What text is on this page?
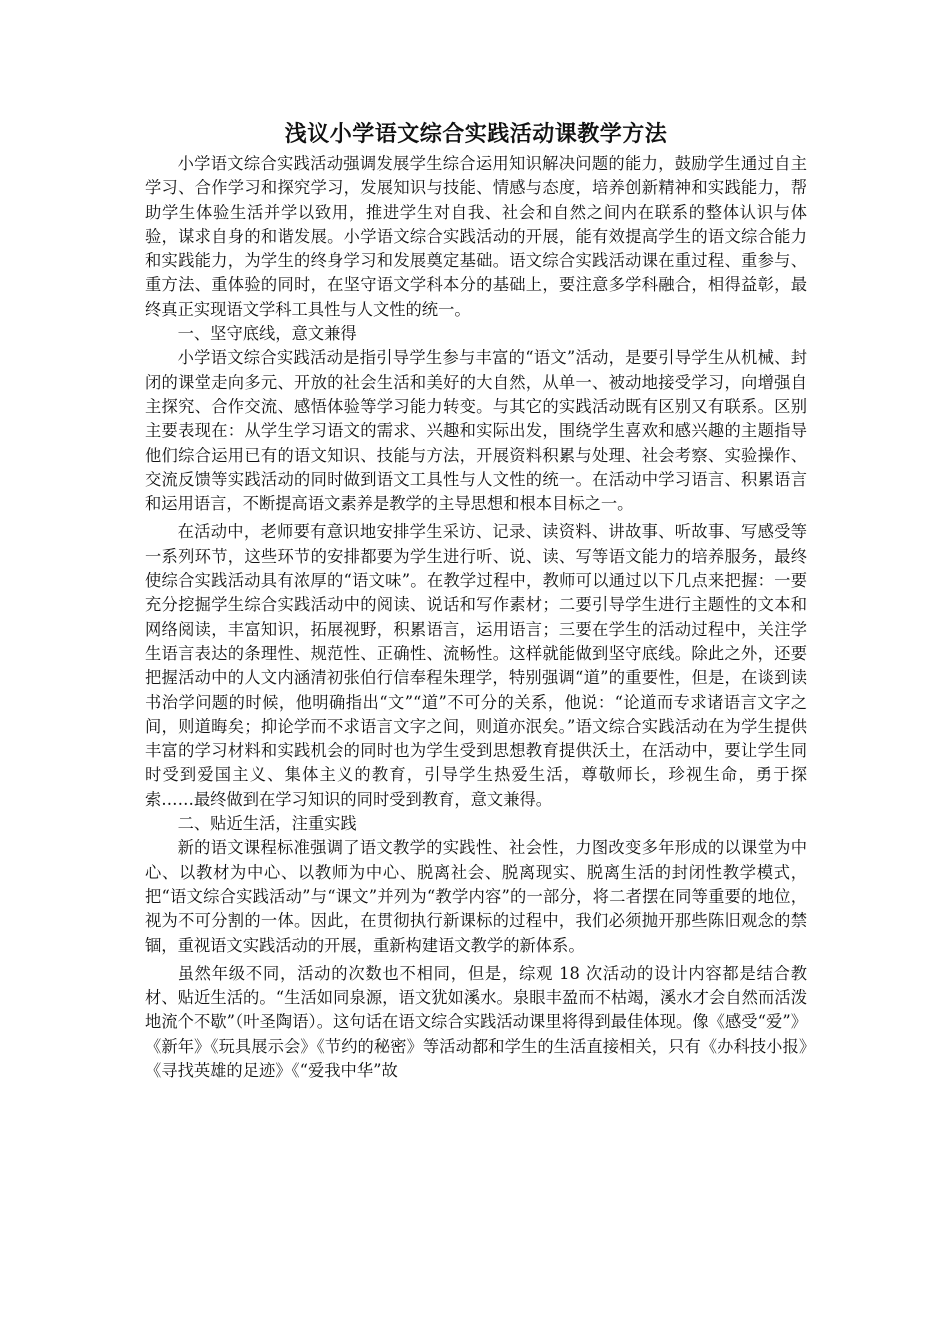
浅议小学语文综合实践活动课教学方法

小学语文综合实践活动强调发展学生综合运用知识解决问题的能力，鼓励学生通过自主学习、合作学习和探究学习，发展知识与技能、情感与态度，培养创新精神和实践能力，帮助学生体验生活并学以致用，推进学生对自我、社会和自然之间内在联系的整体认识与体验，谋求自身的和谐发展。小学语文综合实践活动的开展，能有效提高学生的语文综合能力和实践能力，为学生的终身学习和发展奠定基础。语文综合实践活动课在重过程、重参与、重方法、重体验的同时，在坚守语文学科本分的基础上，要注意多学科融合，相得益彰，最终真正实现语文学科工具性与人文性的统一。

一、坚守底线，意文兼得

小学语文综合实践活动是指引导学生参与丰富的“语文”活动，是要引导学生从机械、封闭的课堂走向多元、开放的社会生活和美好的大自然，从单一、被动地接受学习，向增强自主探究、合作交流、感悟体验等学习能力转变。与其它的实践活动既有区别又有联系。区别主要表现在：从学生学习语文的需求、兴趣和实际出发，围绕学生喜欢和感兴趣的主题指导他们综合运用已有的语文知识、技能与方法，开展资料积累与处理、社会考察、实验操作、交流反馈等实践活动的同时做到语文工具性与人文性的统一。在活动中学习语言、积累语言和运用语言，不断提高语文素养是教学的主导思想和根本目标之一。

在活动中，老师要有意识地安排学生采访、记录、读资料、讲故事、听故事、写感受等一系列环节，这些环节的安排都要为学生进行听、说、读、写等语文能力的培养服务，最终使综合实践活动具有浓厚的“语文味”。在教学过程中，教师可以通过以下几点来把握：一要充分挖掘学生综合实践活动中的阅读、说话和写作素材；二要引导学生进行主题性的文本和网络阅读，丰富知识，拓展视野，积累语言，运用语言；三要在学生的活动过程中，关注学生语言表达的条理性、规范性、正确性、流畅性。这样就能做到坚守底线。除此之外，还要把握活动中的人文内涵清初张伯行信奉程朱理学，特别强调“道”的重要性，但是，在谈到读书治学问题的时候，他明确指出“文”“道”不可分的关系，他说：“论道而专求诸语言文字之间，则道晦矣；抑论学而不求语言文字之间，则道亦泯矣。”语文综合实践活动在为学生提供丰富的学习材料和实践机会的同时也为学生受到思想教育提供沃土，在活动中，要让学生同时受到爱国主义、集体主义的教育，引导学生热爱生活，尊敬师长，珍视生命，勇于探索……最终做到在学习知识的同时受到教育，意文兼得。

二、贴近生活，注重实践

新的语文课程标准强调了语文教学的实践性、社会性，力图改变多年形成的以课堂为中心、以教材为中心、以教师为中心、脱离社会、脱离现实、脱离生活的封闭性教学模式，把“语文综合实践活动”与“课文”并列为“教学内容”的一部分，将二者摆在同等重要的地位，视为不可分割的一体。因此，在贯彻执行新课标的过程中，我们必须抛开那些陈旧观念的禁锢，重视语文实践活动的开展，重新构建语文教学的新体系。

虽然年级不同，活动的次数也不相同，但是，综观 18 次活动的设计内容都是结合教材、贴近生活的。“生活如同泉源，语文犹如溪水。泉眼丰盈而不枯竭，溪水才会自然而活泼地流个不歇”（叶圣陶语）。这句话在语文综合实践活动课里将得到最佳体现。像《感受“爱”》《新年》《玩具展示会》《节约的秘密》等活动都和学生的生活直接相关，只有《办科技小报》《寻找英雄的足迹》《“爱我中华”故
